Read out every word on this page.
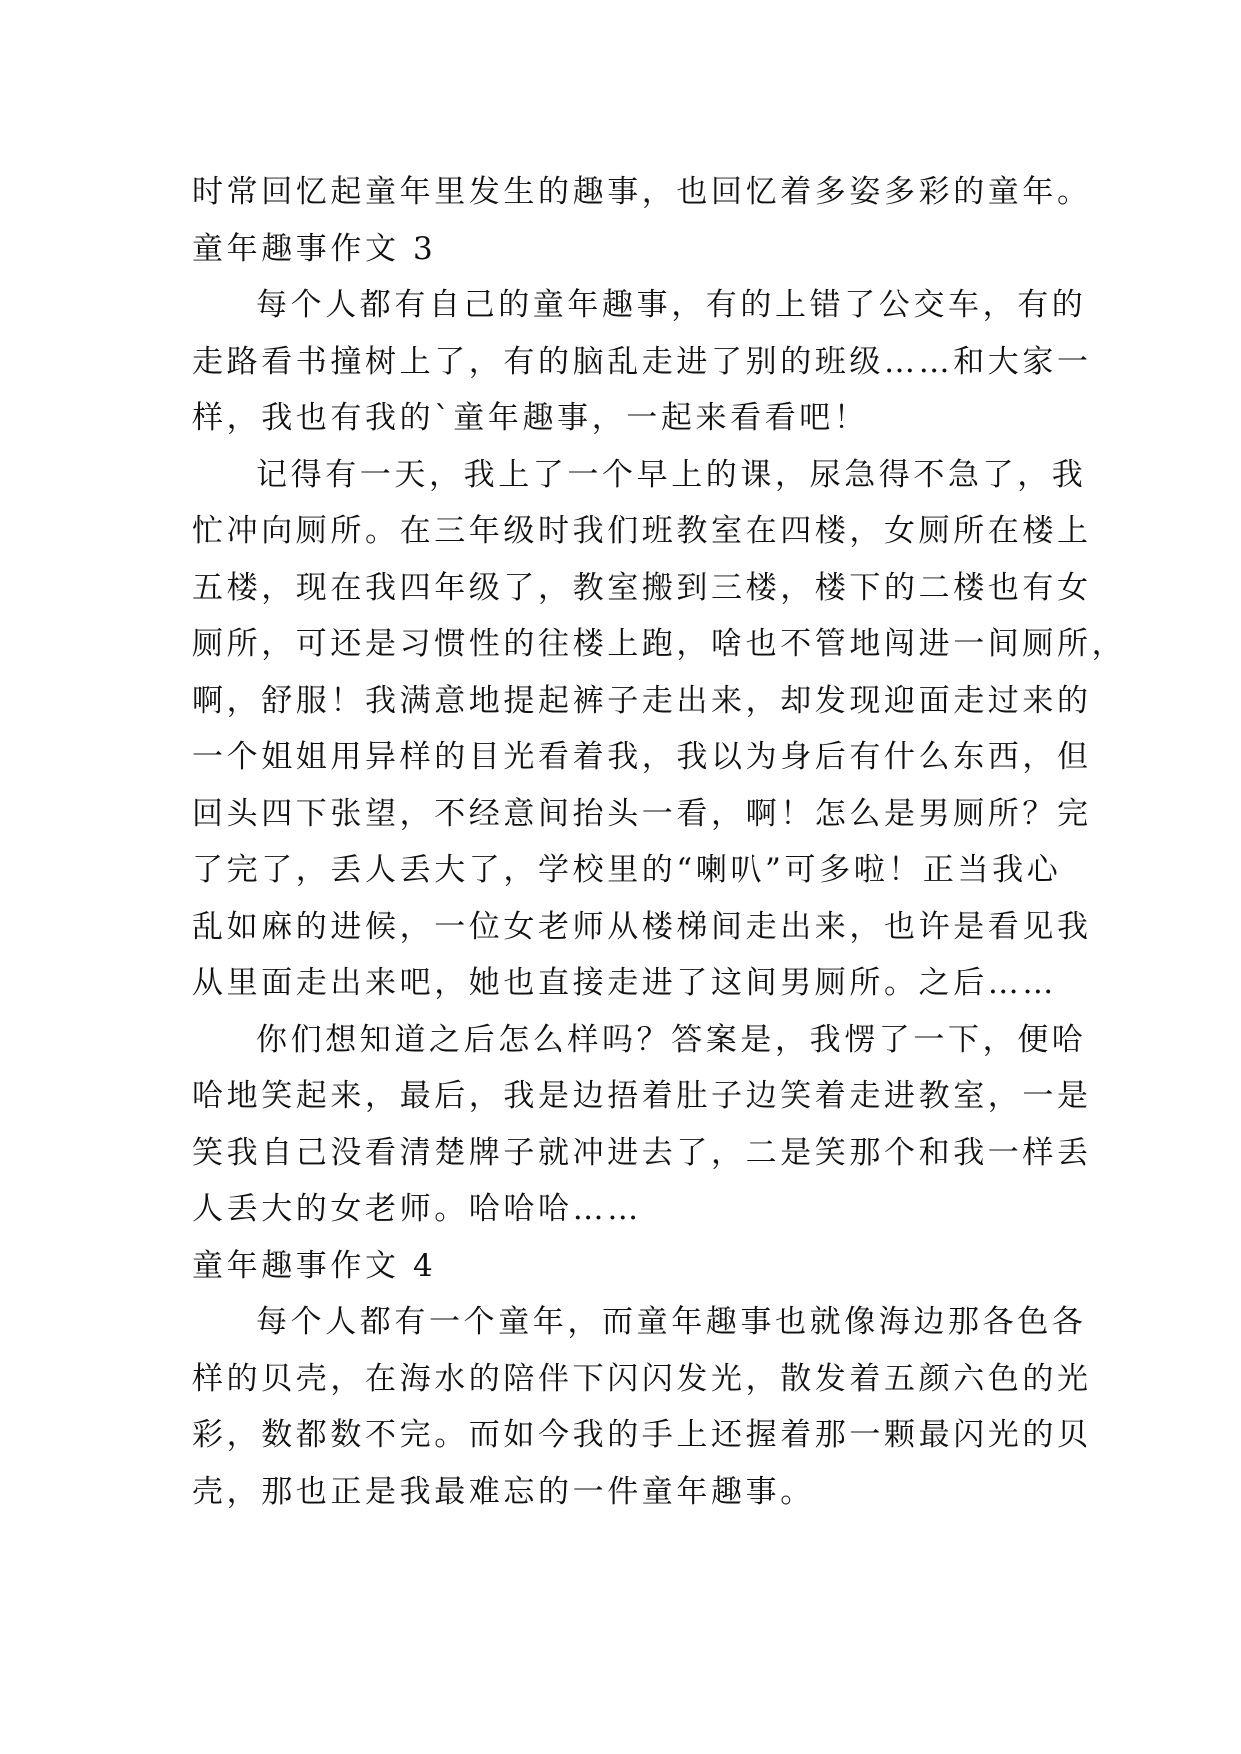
时常回忆起童年里发生的趣事，也回忆着多姿多彩的童年。
童年趣事作文 3
每个人都有自己的童年趣事，有的上错了公交车，有的
走路看书撞树上了，有的脑乱走进了别的班级……和大家一
样，我也有我的`童年趣事，一起来看看吧！
记得有一天，我上了一个早上的课，尿急得不急了，我
忙冲向厕所。在三年级时我们班教室在四楼，女厕所在楼上
五楼，现在我四年级了，教室搬到三楼，楼下的二楼也有女
厕所，可还是习惯性的往楼上跑，啥也不管地闯进一间厕所，
啊，舒服！我满意地提起裤子走出来，却发现迎面走过来的
一个姐姐用异样的目光看着我，我以为身后有什么东西，但
回头四下张望，不经意间抬头一看，啊！怎么是男厕所？完
了完了，丢人丢大了，学校里的“喇叭”可多啦！正当我心
乱如麻的进候，一位女老师从楼梯间走出来，也许是看见我
从里面走出来吧，她也直接走进了这间男厕所。之后……
你们想知道之后怎么样吗？答案是，我愣了一下，便哈
哈地笑起来，最后，我是边捂着肚子边笑着走进教室，一是
笑我自己没看清楚牌子就冲进去了，二是笑那个和我一样丢
人丢大的女老师。哈哈哈……
童年趣事作文 4
每个人都有一个童年，而童年趣事也就像海边那各色各
样的贝壳，在海水的陪伴下闪闪发光，散发着五颜六色的光
彩，数都数不完。而如今我的手上还握着那一颗最闪光的贝
壳，那也正是我最难忘的一件童年趣事。
